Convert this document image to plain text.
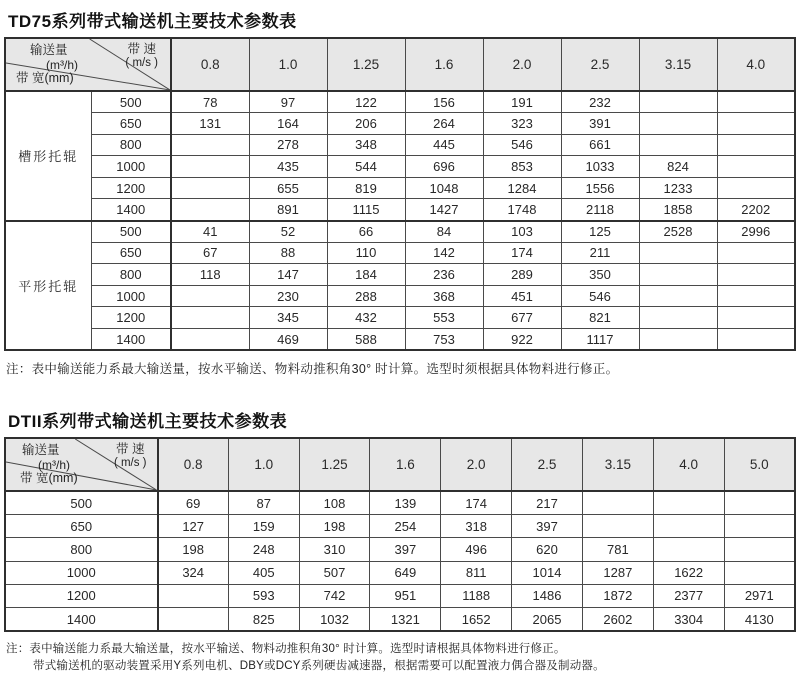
TD75系列带式输送机主要技术参数表
输送量
(m³/h)
带 速
( m/s )
带 宽(mm)		0.8	1.0	1.25	1.6	2.0	2.5	3.15	4.0
槽形托辊	500	78	97	122	156	191	232		
	650	131	164	206	264	323	391		
	800		278	348	445	546	661		
	1000		435	544	696	853	1033	824	
	1200		655	819	1048	1284	1556	1233	
	1400		891	1115	1427	1748	2118	1858	2202
平形托辊	500	41	52	66	84	103	125	2528	2996
	650	67	88	110	142	174	211		
	800	118	147	184	236	289	350		
	1000		230	288	368	451	546		
	1200		345	432	553	677	821		
	1400		469	588	753	922	1117		
注：表中输送能力系最大输送量，按水平输送、物料动推积角30° 时计算。选型时须根据具体物料进行修正。
DTII系列带式输送机主要技术参数表
输送量
(m³/h)
带 速
( m/s )
带 宽(mm)	0.8	1.0	1.25	1.6	2.0	2.5	3.15	4.0	5.0
500	69	87	108	139	174	217			
650	127	159	198	254	318	397			
800	198	248	310	397	496	620	781		
1000	324	405	507	649	811	1014	1287	1622	
1200		593	742	951	1188	1486	1872	2377	2971
1400		825	1032	1321	1652	2065	2602	3304	4130
注：表中输送能力系最大输送量，按水平输送、物料动推积角30° 时计算。选型时请根据具体物料进行修正。
带式输送机的驱动装置采用Y系列电机、DBY或DCY系列硬齿减速器，根据需要可以配置液力偶合器及制动器。
